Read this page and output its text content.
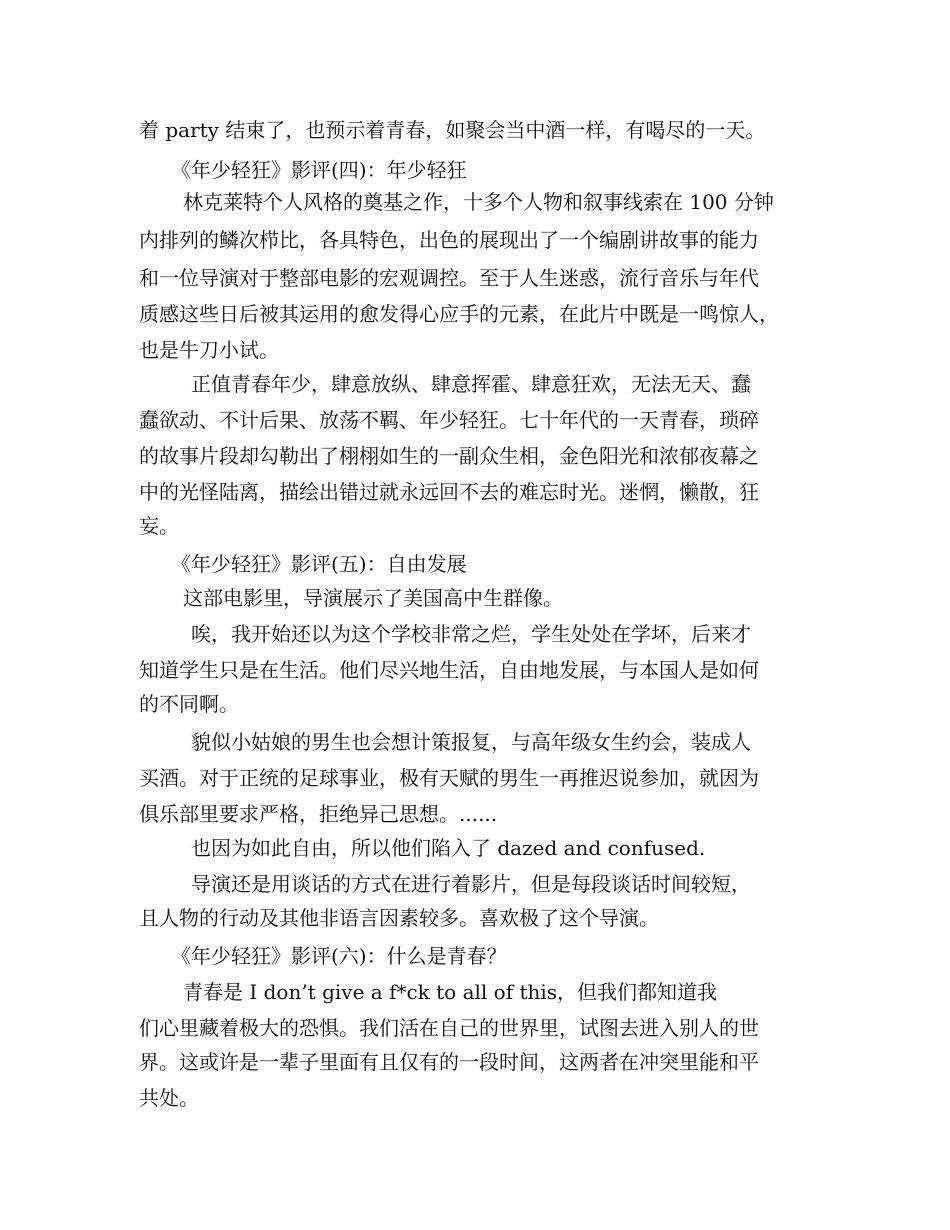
着 party 结束了，也预示着青春，如聚会当中酒一样，有喝尽的一天。
《年少轻狂》影评(四)：年少轻狂
林克莱特个人风格的奠基之作，十多个人物和叙事线索在 100 分钟
内排列的鳞次栉比，各具特色，出色的展现出了一个编剧讲故事的能力
和一位导演对于整部电影的宏观调控。至于人生迷惑，流行音乐与年代
质感这些日后被其运用的愈发得心应手的元素，在此片中既是一鸣惊人，
也是牛刀小试。
正值青春年少，肆意放纵、肆意挥霍、肆意狂欢，无法无天、蠢
蠢欲动、不计后果、放荡不羁、年少轻狂。七十年代的一天青春，琐碎
的故事片段却勾勒出了栩栩如生的一副众生相，金色阳光和浓郁夜幕之
中的光怪陆离，描绘出错过就永远回不去的难忘时光。迷惘，懒散，狂
妄。
《年少轻狂》影评(五)：自由发展
这部电影里，导演展示了美国高中生群像。
唉，我开始还以为这个学校非常之烂，学生处处在学坏，后来才
知道学生只是在生活。他们尽兴地生活，自由地发展，与本国人是如何
的不同啊。
貌似小姑娘的男生也会想计策报复，与高年级女生约会，装成人
买酒。对于正统的足球事业，极有天赋的男生一再推迟说参加，就因为
俱乐部里要求严格，拒绝异己思想。......
也因为如此自由，所以他们陷入了 dazed and confused.
导演还是用谈话的方式在进行着影片，但是每段谈话时间较短，
且人物的行动及其他非语言因素较多。喜欢极了这个导演。
《年少轻狂》影评(六)：什么是青春？
青春是 I don’t give a f*ck to all of this，但我们都知道我
们心里藏着极大的恐惧。我们活在自己的世界里，试图去进入别人的世
界。这或许是一辈子里面有且仅有的一段时间，这两者在冲突里能和平
共处。
